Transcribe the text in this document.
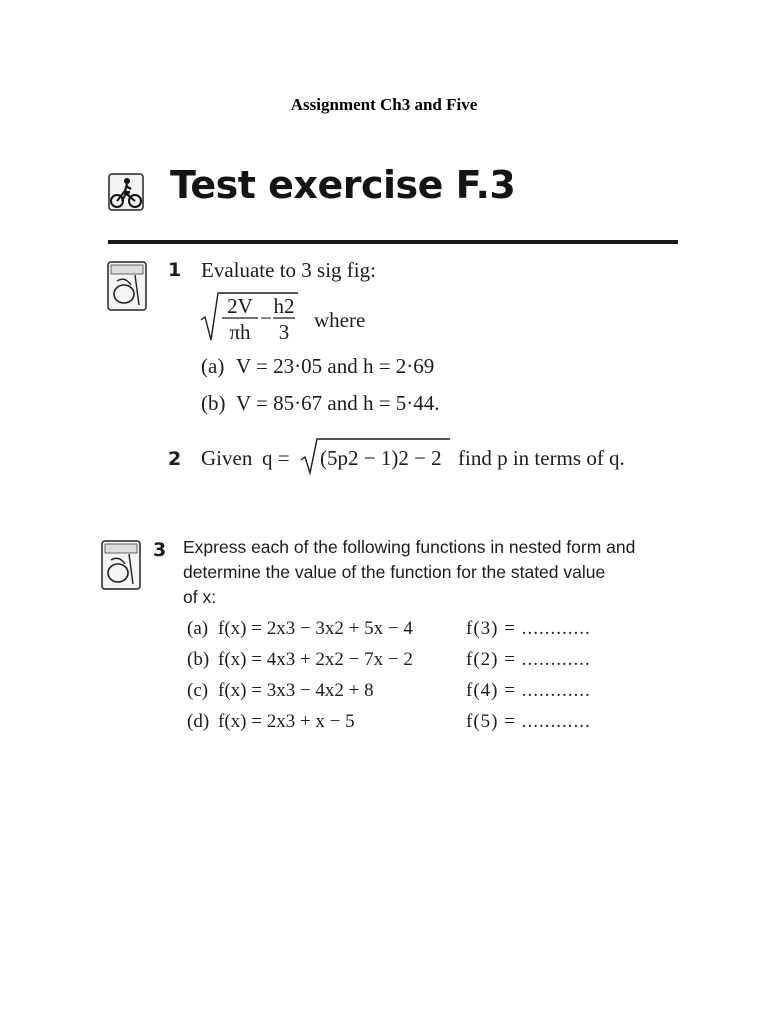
Assignment Ch3 and Five
Test exercise F.3
1 Evaluate to 3 sig fig:
2V
πh
− h2
3 where
(a) V = 23·05 and h = 2·69
(b) V = 85·67 and h = 5·44.
2 Given q = (5p2 − 1)2 − 2 find p in terms of q.
3 Express each of the following functions in nested form and
determine the value of the function for the stated value
of x:
(a) f(x) = 2x3 − 3x2 + 5x − 4	f(3) = ............
(b) f(x) = 4x3 + 2x2 − 7x − 2	f(2) = ............
(c) f(x) = 3x3 − 4x2 + 8	f(4) = ............
(d) f(x) = 2x3 + x − 5	f(5) = ............
